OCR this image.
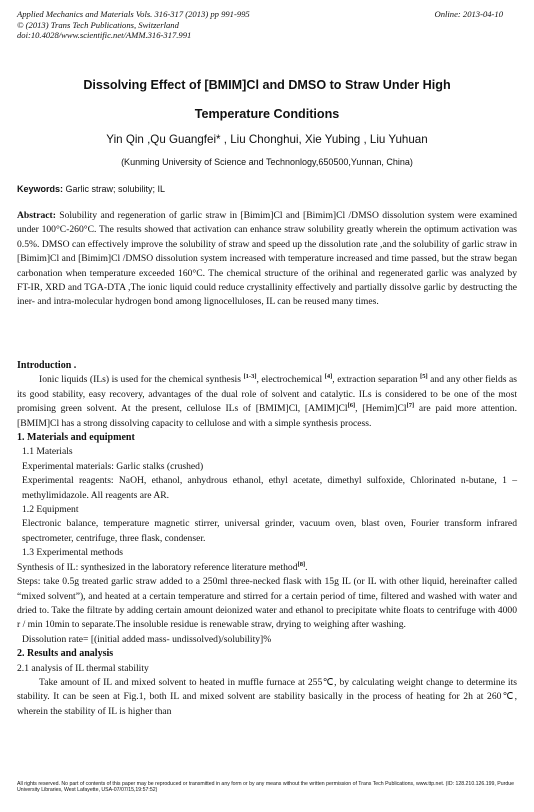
Applied Mechanics and Materials Vols. 316-317 (2013) pp 991-995
© (2013) Trans Tech Publications, Switzerland
doi:10.4028/www.scientific.net/AMM.316-317.991
Online: 2013-04-10
Dissolving Effect of [BMIM]Cl and DMSO to Straw Under High
Temperature Conditions
Yin Qin ,Qu Guangfei* , Liu Chonghui, Xie Yubing , Liu Yuhuan
(Kunming University of Science and Technonlogy,650500,Yunnan, China)
Keywords: Garlic straw; solubility; IL

Abstract: Solubility and regeneration of garlic straw in [Bimim]Cl and [Bimim]Cl /DMSO dissolution system were examined under 100°C-260°C. The results showed that activation can enhance straw solubility greatly wherein the optimum activation was 0.5%. DMSO can effectively improve the solubility of straw and speed up the dissolution rate ,and the solubility of garlic straw in [Bimim]Cl and [Bimim]Cl /DMSO dissolution system increased with temperature increased and time passed, but the straw began carbonation when temperature exceeded 160°C. The chemical structure of the orihinal and regenerated garlic was analyzed by FT-IR, XRD and TGA-DTA ,The ionic liquid could reduce crystallinity effectively and partially dissolve garlic by destructing the iner- and intra-molecular hydrogen bond among lignocelluloses, IL can be reused many times.

Introduction .

Ionic liquids (ILs) is used for the chemical synthesis [1-3], electrochemical [4], extraction separation [5] and any other fields as its good stability, easy recovery, advantages of the dual role of solvent and catalytic. ILs is considered to be one of the most promising green solvent. At the present, cellulose ILs of [BMIM]Cl, [AMIM]Cl[6], [Hemim]Cl[7] are paid more attention. [BMIM]Cl has a strong dissolving capacity to cellulose and with a simple synthesis process.

1. Materials and equipment

1.1 Materials

Experimental materials: Garlic stalks (crushed)

Experimental reagents: NaOH, ethanol, anhydrous ethanol, ethyl acetate, dimethyl sulfoxide, Chlorinated n-butane, 1 – methylimidazole. All reagents are AR.

1.2 Equipment

Electronic balance, temperature magnetic stirrer, universal grinder, vacuum oven, blast oven, Fourier transform infrared spectrometer, centrifuge, three flask, condenser.

1.3 Experimental methods

Synthesis of IL: synthesized in the laboratory reference literature method[8].

Steps: take 0.5g treated garlic straw added to a 250ml three-necked flask with 15g IL (or IL with other liquid, hereinafter called “mixed solvent”), and heated at a certain temperature and stirred for a certain period of time, filtered and washed with water and dried to. Take the filtrate by adding certain amount deionized water and ethanol to precipitate white floats to centrifuge with 4000 r / min 10min to separate.The insoluble residue is renewable straw, drying to weighing after washing.

Dissolution rate= [(initial added mass- undissolved)/solubility]%

2. Results and analysis

2.1 analysis of IL thermal stability

Take amount of IL and mixed solvent to heated in muffle furnace at 255℃, by calculating weight change to determine its stability. It can be seen at Fig.1, both IL and mixed solvent are stability basically in the process of heating for 2h at 260℃, wherein the stability of IL is higher than

All rights reserved. No part of contents of this paper may be reproduced or transmitted in any form or by any means without the written permission of Trans Tech Publications, www.ttp.net. (ID: 128.210.126.199, Purdue University Libraries, West Lafayette, USA-07/07/15,19:57:52)
